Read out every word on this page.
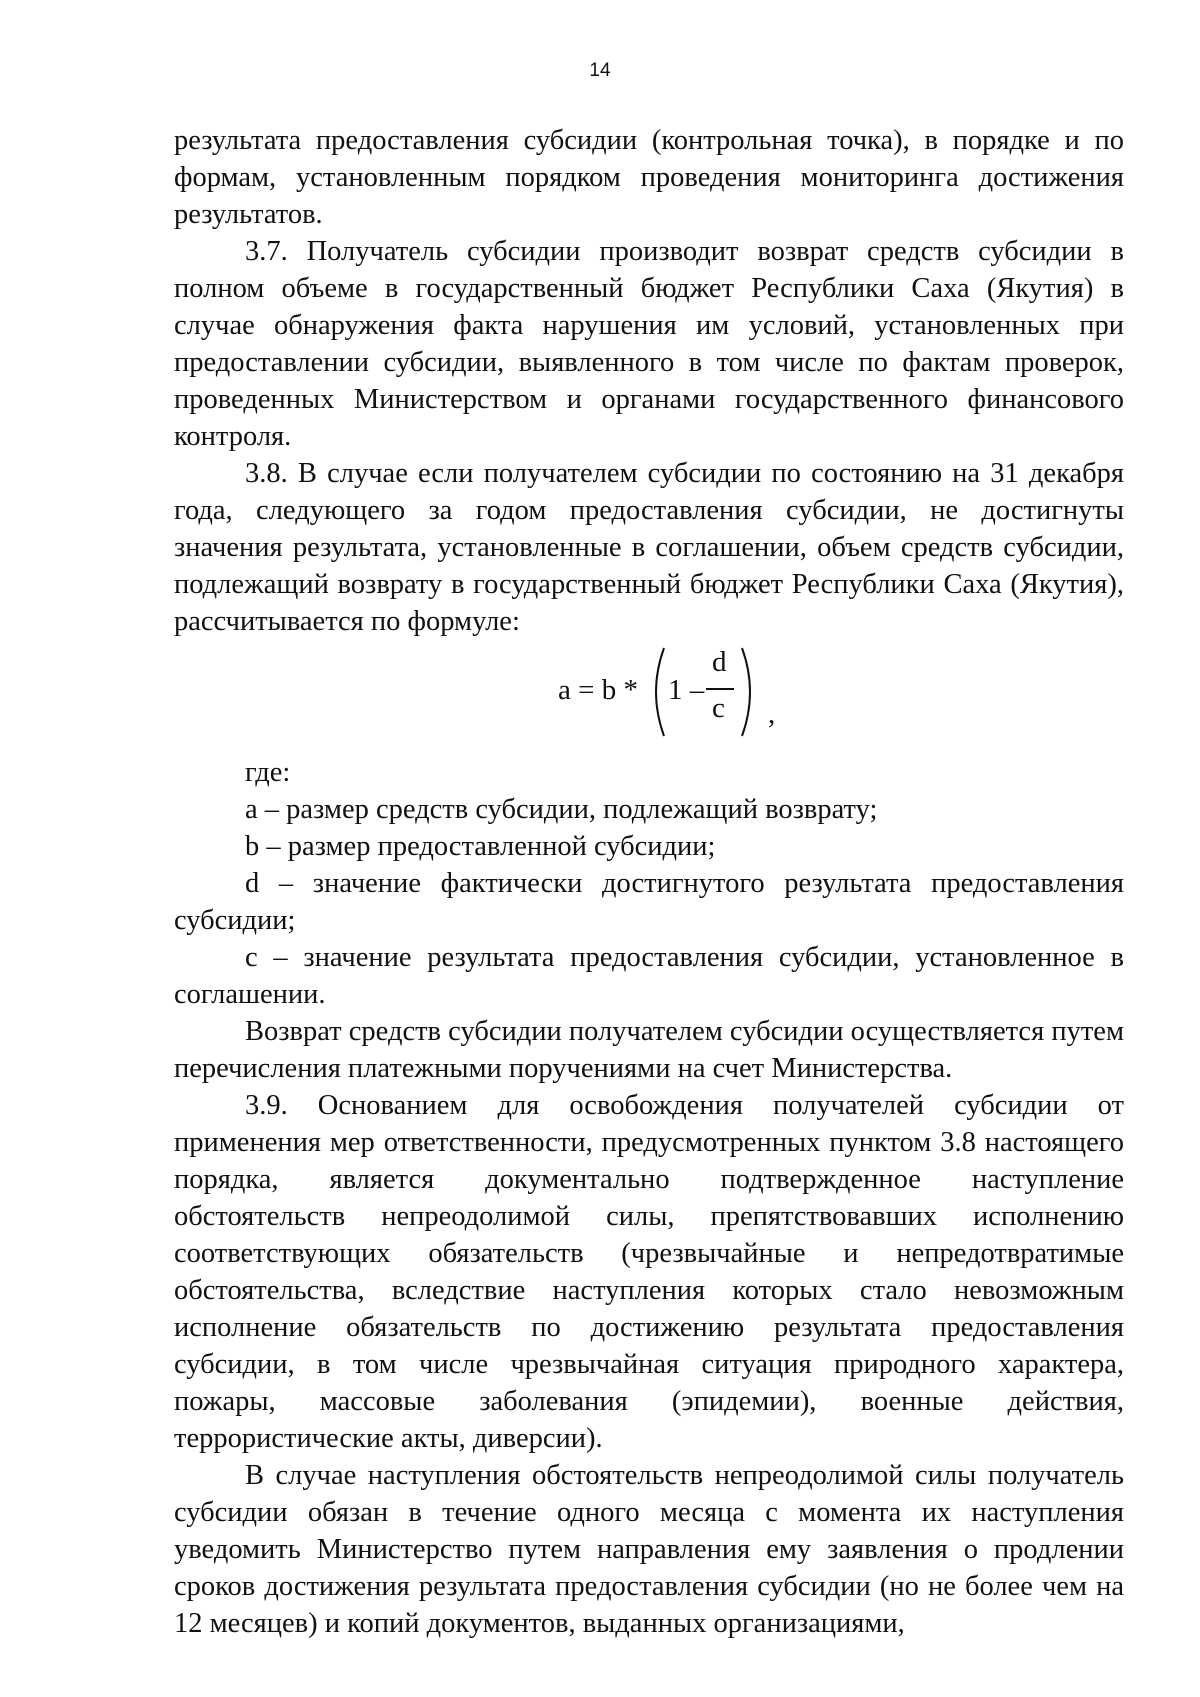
14

результата предоставления субсидии (контрольная точка), в порядке и по формам, установленным порядком проведения мониторинга достижения результатов.

3.7. Получатель субсидии производит возврат средств субсидии в полном объеме в государственный бюджет Республики Саха (Якутия) в случае обнаружения факта нарушения им условий, установленных при предоставлении субсидии, выявленного в том числе по фактам проверок, проведенных Министерством и органами государственного финансового контроля.

3.8. В случае если получателем субсидии по состоянию на 31 декабря года, следующего за годом предоставления субсидии, не достигнуты значения результата, установленные в соглашении, объем средств субсидии, подлежащий возврату в государственный бюджет Республики Саха (Якутия), рассчитывается по формуле:

a = b * 1 –
d
c ,

где:

a – размер средств субсидии, подлежащий возврату;

b – размер предоставленной субсидии;

d – значение фактически достигнутого результата предоставления субсидии;

c – значение результата предоставления субсидии, установленное в соглашении.

Возврат средств субсидии получателем субсидии осуществляется путем перечисления платежными поручениями на счет Министерства.

3.9. Основанием для освобождения получателей субсидии от применения мер ответственности, предусмотренных пунктом 3.8 настоящего порядка, является документально подтвержденное наступление обстоятельств непреодолимой силы, препятствовавших исполнению соответствующих обязательств (чрезвычайные и непредотвратимые обстоятельства, вследствие наступления которых стало невозможным исполнение обязательств по достижению результата предоставления субсидии, в том числе чрезвычайная ситуация природного характера, пожары, массовые заболевания (эпидемии), военные действия, террористические акты, диверсии).

В случае наступления обстоятельств непреодолимой силы получатель субсидии обязан в течение одного месяца с момента их наступления уведомить Министерство путем направления ему заявления о продлении сроков достижения результата предоставления субсидии (но не более чем на 12 месяцев) и копий документов, выданных организациями,
